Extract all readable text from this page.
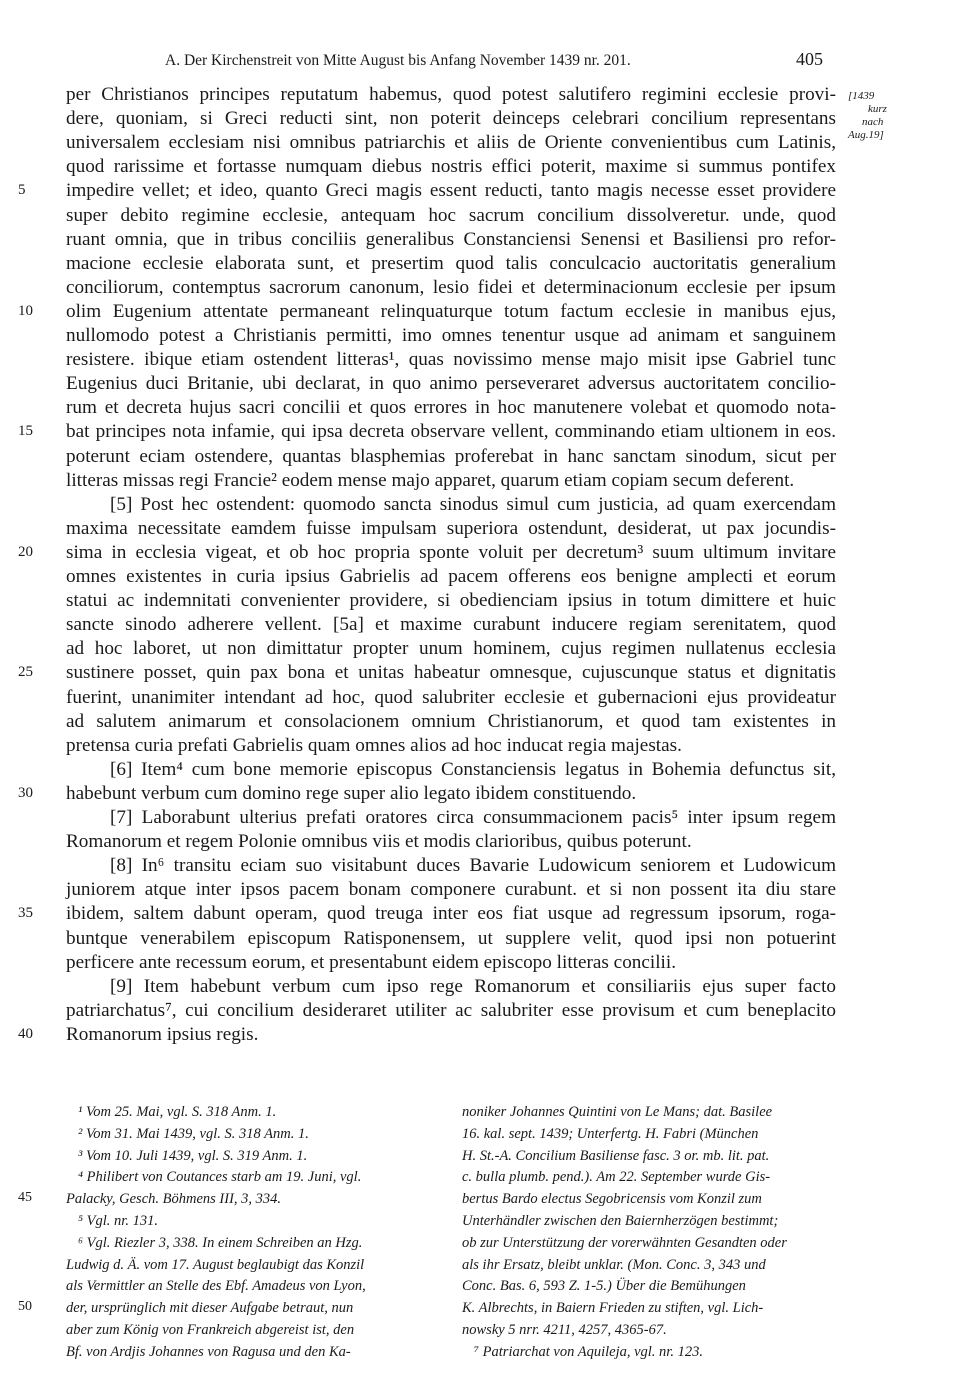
A. Der Kirchenstreit von Mitte August bis Anfang November 1439 nr. 201.	405
[1439
kurz
nach
Aug.19]
per Christianos principes reputatum habemus, quod potest salutifero regimini ecclesie provi-
dere, quoniam, si Greci reducti sint, non poterit deinceps celebrari concilium representans
universalem ecclesiam nisi omnibus patriarchis et aliis de Oriente convenientibus cum Latinis,
quod rarissime et fortasse numquam diebus nostris effici poterit, maxime si summus pontifex
impedire vellet; et ideo, quanto Greci magis essent reducti, tanto magis necesse esset providere
super debito regimine ecclesie, antequam hoc sacrum concilium dissolveretur. unde, quod
ruant omnia, que in tribus conciliis generalibus Constanciensi Senensi et Basiliensi pro refor-
macione ecclesie elaborata sunt, et presertim quod talis conculcacio auctoritatis generalium
conciliorum, contemptus sacrorum canonum, lesio fidei et determinacionum ecclesie per ipsum
olim Eugenium attentate permaneant relinquaturque totum factum ecclesie in manibus ejus,
nullomodo potest a Christianis permitti, imo omnes tenentur usque ad animam et sanguinem
resistere. ibique etiam ostendent litteras¹, quas novissimo mense majo misit ipse Gabriel tunc
Eugenius duci Britanie, ubi declarat, in quo animo perseveraret adversus auctoritatem concilio-
rum et decreta hujus sacri concilii et quos errores in hoc manutenere volebat et quomodo nota-
bat principes nota infamie, qui ipsa decreta observare vellent, comminando etiam ultionem in eos.
poterunt eciam ostendere, quantas blasphemias proferebat in hanc sanctam sinodum, sicut per
litteras missas regi Francie² eodem mense majo apparet, quarum etiam copiam secum deferent.
[5] Post hec ostendent: quomodo sancta sinodus simul cum justicia, ad quam exercendam
maxima necessitate eamdem fuisse impulsam superiora ostendunt, desiderat, ut pax jocundis-
sima in ecclesia vigeat, et ob hoc propria sponte voluit per decretum³ suum ultimum invitare
omnes existentes in curia ipsius Gabrielis ad pacem offerens eos benigne amplecti et eorum
statui ac indemnitati convenienter providere, si obedienciam ipsius in totum dimittere et huic
sancte sinodo adherere vellent. [5a] et maxime curabunt inducere regiam serenitatem, quod
ad hoc laboret, ut non dimittatur propter unum hominem, cujus regimen nullatenus ecclesia
sustinere posset, quin pax bona et unitas habeatur omnesque, cujuscunque status et dignitatis
fuerint, unanimiter intendant ad hoc, quod salubriter ecclesie et gubernacioni ejus provideatur
ad salutem animarum et consolacionem omnium Christianorum, et quod tam existentes in
pretensa curia prefati Gabrielis quam omnes alios ad hoc inducat regia majestas.
[6] Item⁴ cum bone memorie episcopus Constanciensis legatus in Bohemia defunctus sit,
habebunt verbum cum domino rege super alio legato ibidem constituendo.
[7] Laborabunt ulterius prefati oratores circa consummacionem pacis⁵ inter ipsum regem
Romanorum et regem Polonie omnibus viis et modis clarioribus, quibus poterunt.
[8] In⁶ transitu eciam suo visitabunt duces Bavarie Ludowicum seniorem et Ludowicum
juniorem atque inter ipsos pacem bonam componere curabunt. et si non possent ita diu stare
ibidem, saltem dabunt operam, quod treuga inter eos fiat usque ad regressum ipsorum, roga-
buntque venerabilem episcopum Ratisponensem, ut supplere velit, quod ipsi non potuerint
perficere ante recessum eorum, et presentabunt eidem episcopo litteras concilii.
[9] Item habebunt verbum cum ipso rege Romanorum et consiliariis ejus super facto
patriarchatus⁷, cui concilium desideraret utiliter ac salubriter esse provisum et cum beneplacito
Romanorum ipsius regis.
5
10
15
20
25
30
35
40
¹ Vom 25. Mai, vgl. S. 318 Anm. 1.
² Vom 31. Mai 1439, vgl. S. 318 Anm. 1.
³ Vom 10. Juli 1439, vgl. S. 319 Anm. 1.
⁴ Philibert von Coutances starb am 19. Juni, vgl.
Palacky, Gesch. Böhmens III, 3, 334.
⁵ Vgl. nr. 131.
⁶ Vgl. Riezler 3, 338. In einem Schreiben an Hzg.
Ludwig d. Ä. vom 17. August beglaubigt das Konzil
als Vermittler an Stelle des Ebf. Amadeus von Lyon,
der, ursprünglich mit dieser Aufgabe betraut, nun
aber zum König von Frankreich abgereist ist, den
Bf. von Ardjis Johannes von Ragusa und den Ka-
noniker Johannes Quintini von Le Mans; dat. Basilee
16. kal. sept. 1439; Unterfertg. H. Fabri (München
H. St.-A. Concilium Basiliense fasc. 3 or. mb. lit. pat.
c. bulla plumb. pend.). Am 22. September wurde Gis-
bertus Bardo electus Segobricensis vom Konzil zum
Unterhändler zwischen den Baiernherzögen bestimmt;
ob zur Unterstützung der vorerwähnten Gesandten oder
als ihr Ersatz, bleibt unklar. (Mon. Conc. 3, 343 und
Conc. Bas. 6, 593 Z. 1-5.) Über die Bemühungen
K. Albrechts, in Baiern Frieden zu stiften, vgl. Lich-
nowsky 5 nrr. 4211, 4257, 4365-67.
⁷ Patriarchat von Aquileja, vgl. nr. 123.
45
50
